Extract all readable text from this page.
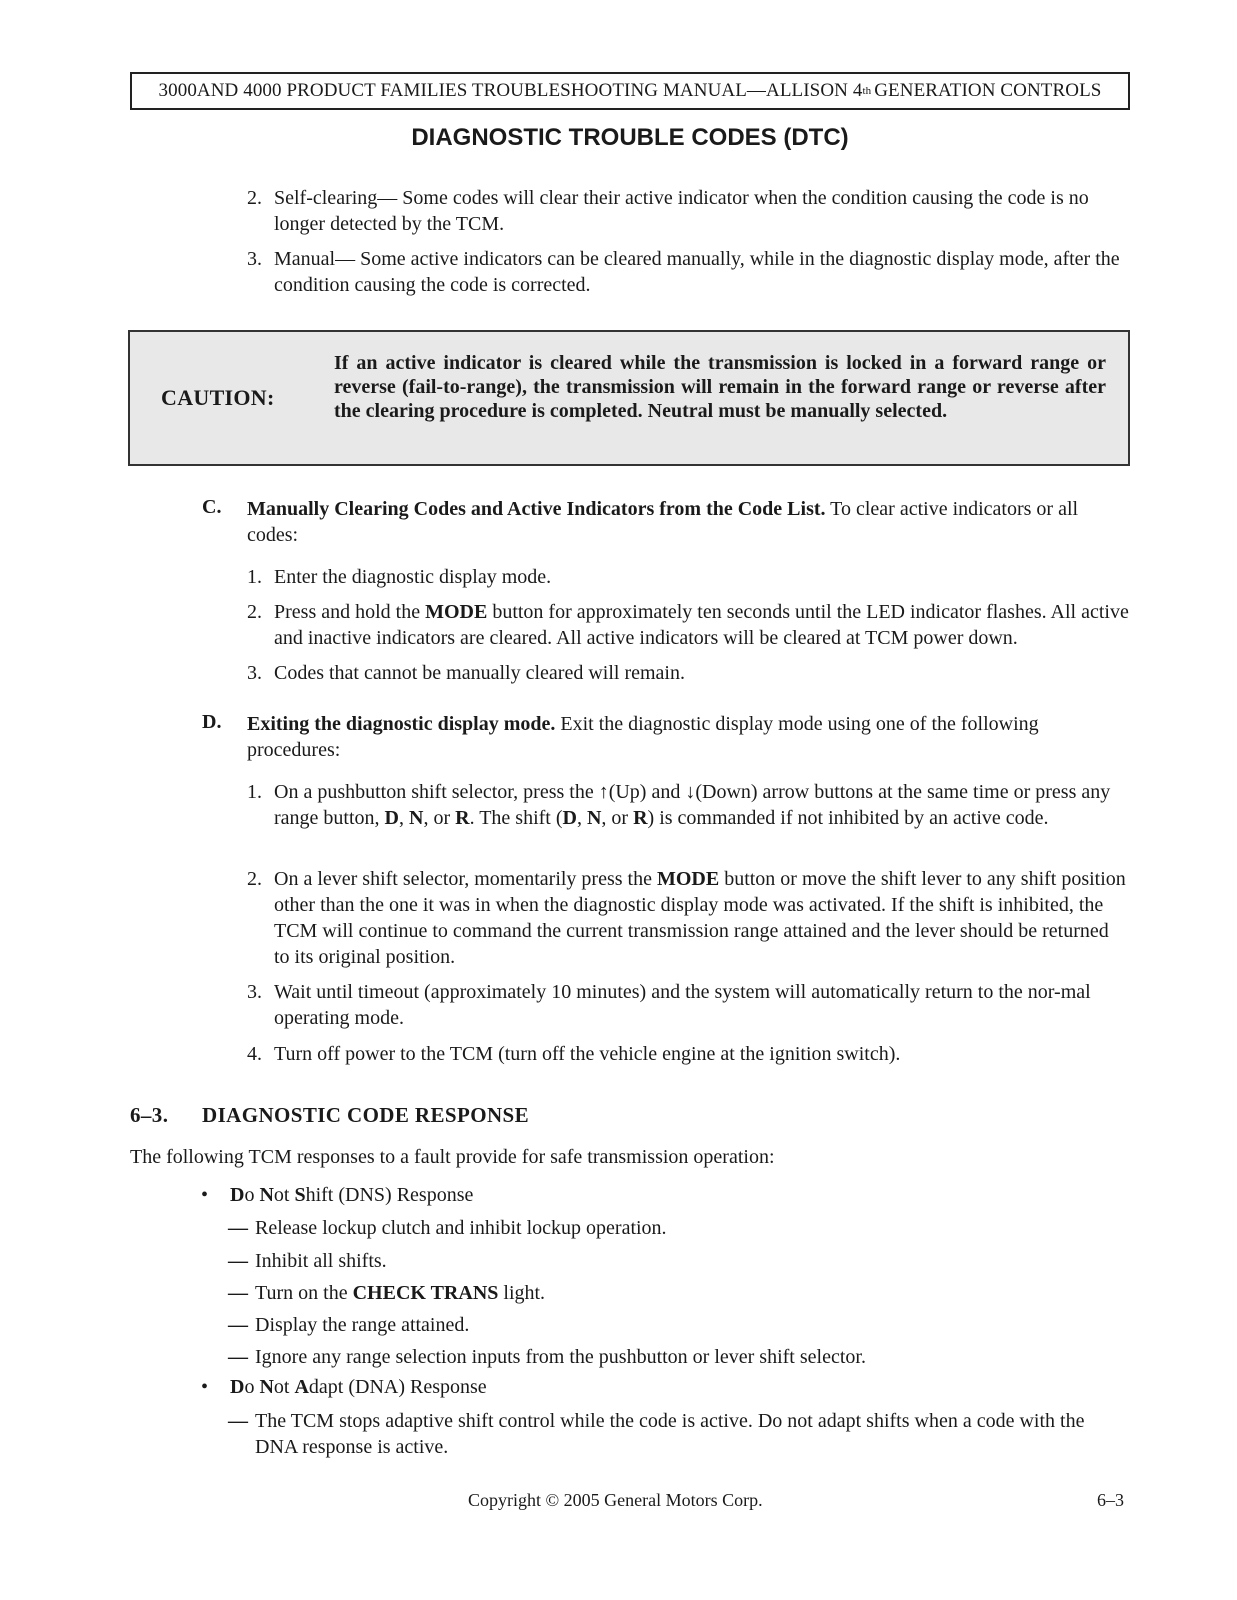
3000AND 4000 PRODUCT FAMILIES TROUBLESHOOTING MANUAL—ALLISON 4 th GENERATION CONTROLS
DIAGNOSTIC TROUBLE CODES (DTC)
2. Self-clearing— Some codes will clear their active indicator when the condition causing the code is no longer detected by the TCM.
3. Manual— Some active indicators can be cleared manually, while in the diagnostic display mode, after the condition causing the code is corrected.
CAUTION:
If an active indicator is cleared while the transmission is locked in a forward range or reverse (fail-to-range), the transmission will remain in the forward range or reverse after the clearing procedure is completed. Neutral must be manually selected.
C. Manually Clearing Codes and Active Indicators from the Code List. To clear active indicators or all codes:
1. Enter the diagnostic display mode.
2. Press and hold the MODE button for approximately ten seconds until the LED indicator flashes. All active and inactive indicators are cleared. All active indicators will be cleared at TCM power down.
3. Codes that cannot be manually cleared will remain.
D. Exiting the diagnostic display mode. Exit the diagnostic display mode using one of the following procedures:
1. On a pushbutton shift selector, press the ↑(Up) and ↓(Down) arrow buttons at the same time or press any range button, D, N, or R. The shift (D, N, or R) is commanded if not inhibited by an active code.
2. On a lever shift selector, momentarily press the MODE button or move the shift lever to any shift position other than the one it was in when the diagnostic display mode was activated. If the shift is inhibited, the TCM will continue to command the current transmission range attained and the lever should be returned to its original position.
3. Wait until timeout (approximately 10 minutes) and the system will automatically return to the nor-mal operating mode.
4. Turn off power to the TCM (turn off the vehicle engine at the ignition switch).
6–3. DIAGNOSTIC CODE RESPONSE
The following TCM responses to a fault provide for safe transmission operation:
• Do Not Shift (DNS) Response
— Release lockup clutch and inhibit lockup operation.
— Inhibit all shifts.
— Turn on the CHECK TRANS light.
— Display the range attained.
— Ignore any range selection inputs from the pushbutton or lever shift selector.
• Do Not Adapt (DNA) Response
— The TCM stops adaptive shift control while the code is active. Do not adapt shifts when a code with the DNA response is active.
Copyright © 2005 General Motors Corp.	6–3
